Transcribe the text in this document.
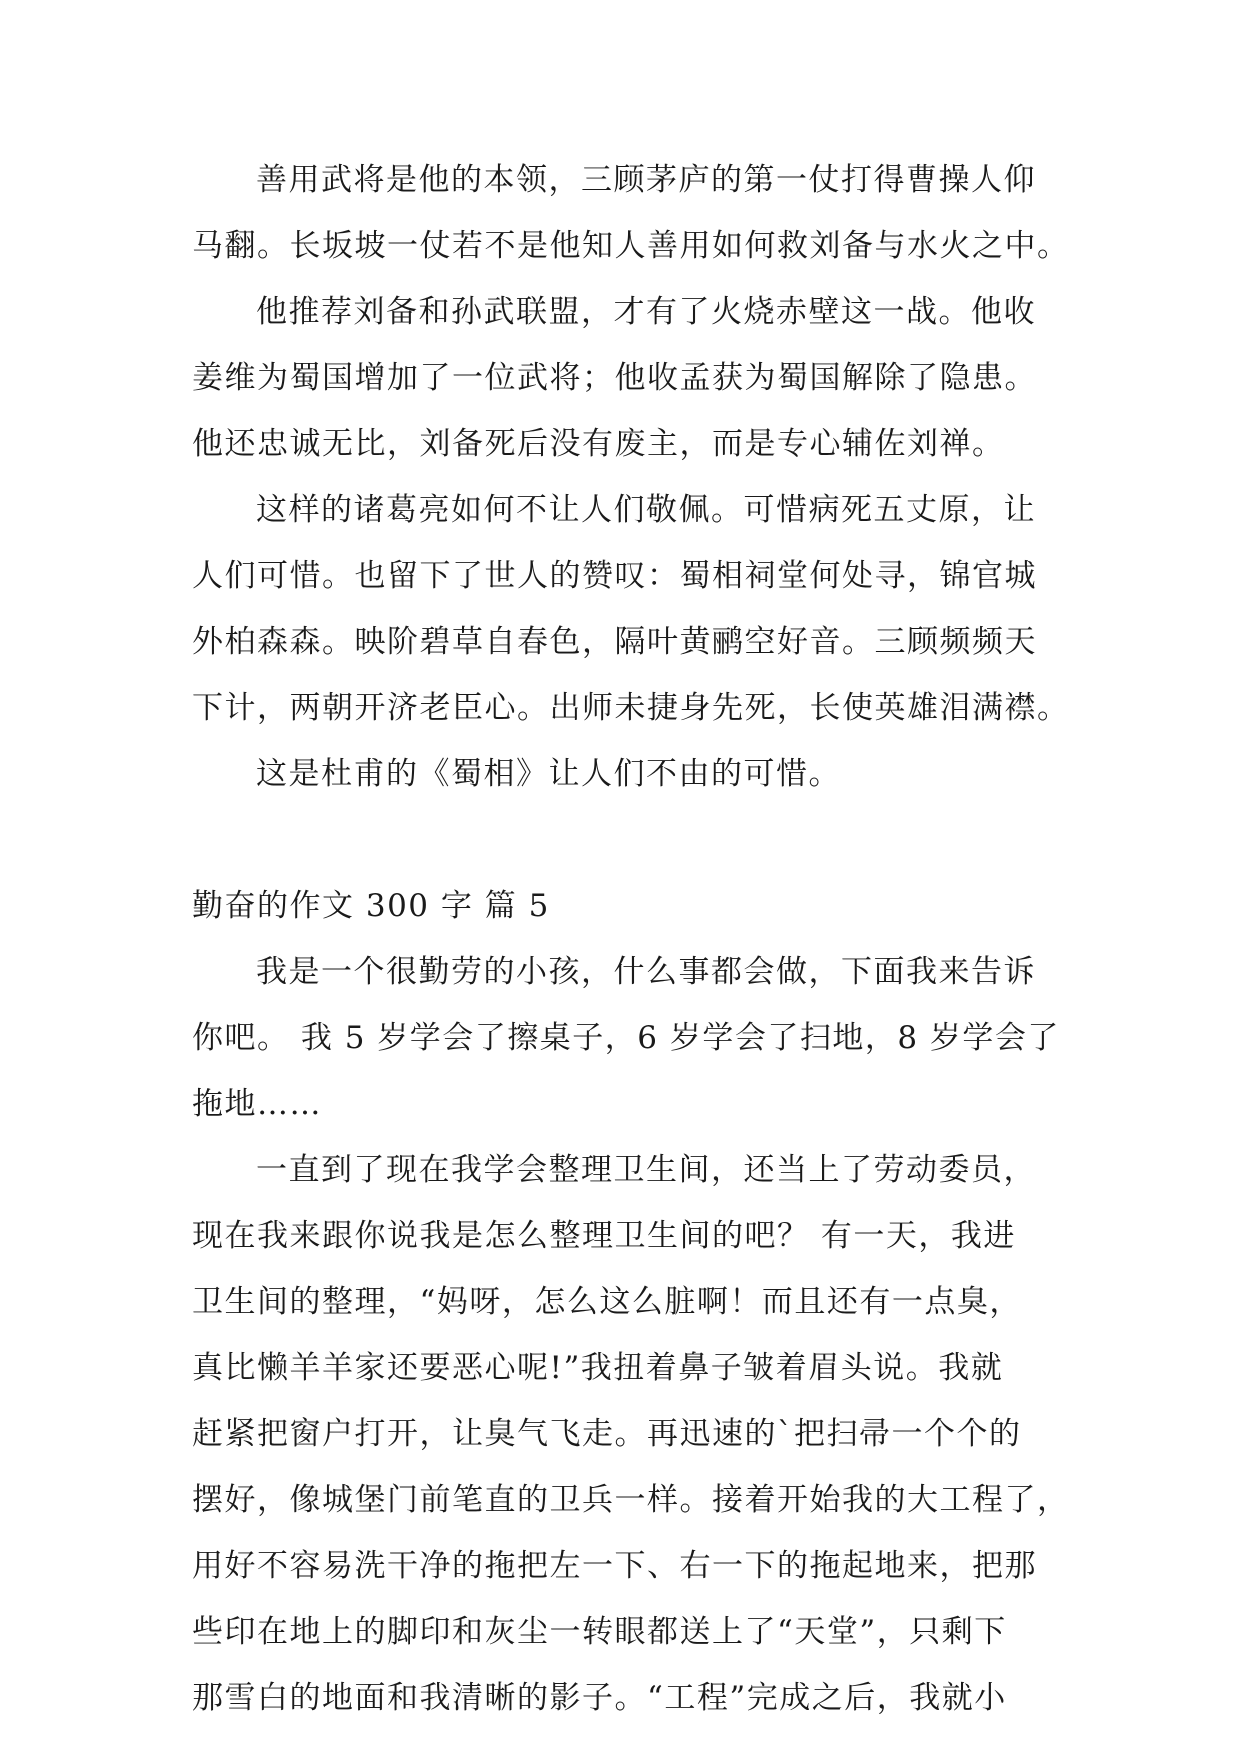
善用武将是他的本领，三顾茅庐的第一仗打得曹操人仰
马翻。长坂坡一仗若不是他知人善用如何救刘备与水火之中。
他推荐刘备和孙武联盟，才有了火烧赤壁这一战。他收
姜维为蜀国增加了一位武将；他收孟获为蜀国解除了隐患。
他还忠诚无比，刘备死后没有废主，而是专心辅佐刘禅。
这样的诸葛亮如何不让人们敬佩。可惜病死五丈原，让
人们可惜。也留下了世人的赞叹：蜀相祠堂何处寻，锦官城
外柏森森。映阶碧草自春色，隔叶黄鹂空好音。三顾频频天
下计，两朝开济老臣心。出师未捷身先死，长使英雄泪满襟。
这是杜甫的《蜀相》让人们不由的可惜。
勤奋的作文 300 字 篇 5
我是一个很勤劳的小孩，什么事都会做，下面我来告诉
你吧。 我 5 岁学会了擦桌子，6 岁学会了扫地，8 岁学会了
拖地……
一直到了现在我学会整理卫生间，还当上了劳动委员，
现在我来跟你说我是怎么整理卫生间的吧？ 有一天，我进
卫生间的整理，“妈呀，怎么这么脏啊！而且还有一点臭，
真比懒羊羊家还要恶心呢!”我扭着鼻子皱着眉头说。我就
赶紧把窗户打开，让臭气飞走。再迅速的`把扫帚一个个的
摆好，像城堡门前笔直的卫兵一样。接着开始我的大工程了，
用好不容易洗干净的拖把左一下、右一下的拖起地来，把那
些印在地上的脚印和灰尘一转眼都送上了“天堂”，只剩下
那雪白的地面和我清晰的影子。“工程”完成之后，我就小
